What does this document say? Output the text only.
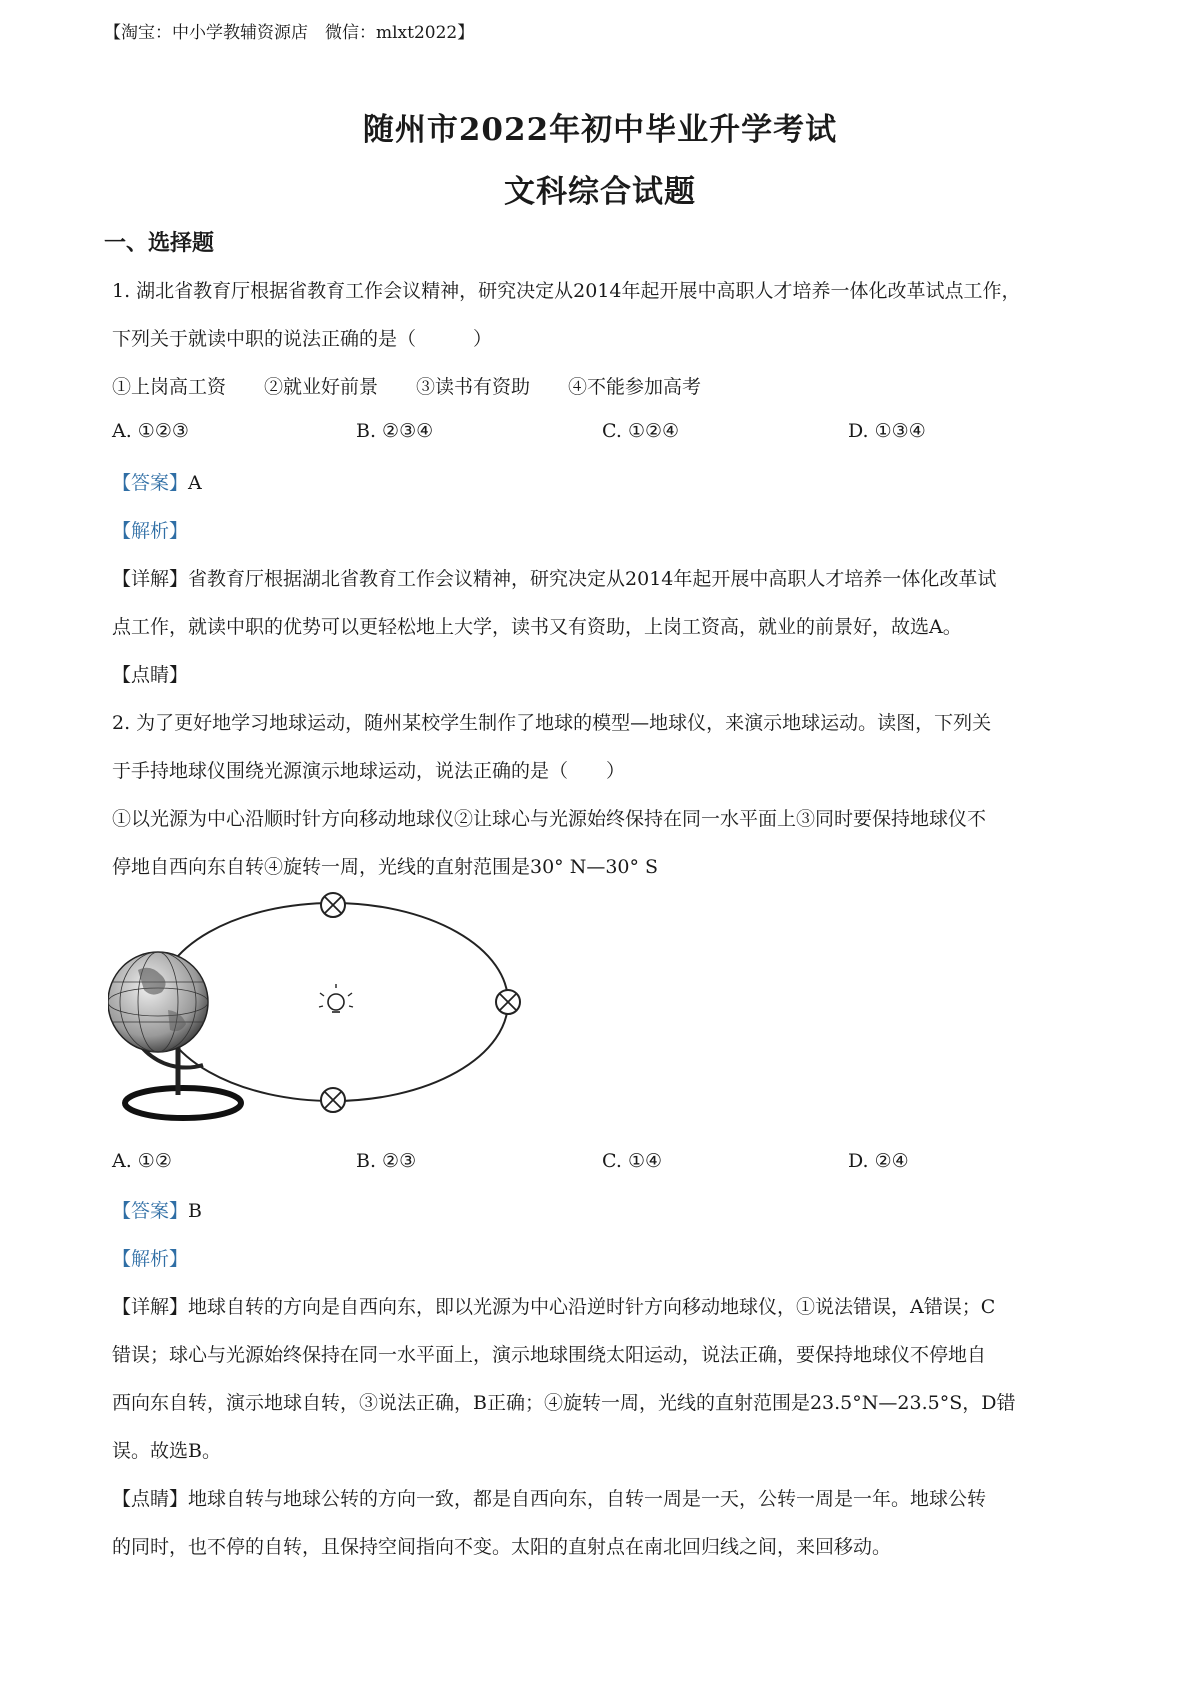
【淘宝：中小学教辅资源店　微信：mlxt2022】
随州市2022年初中毕业升学考试
文科综合试题
一、选择题
1. 湖北省教育厅根据省教育工作会议精神，研究决定从2014年起开展中高职人才培养一体化改革试点工作，
下列关于就读中职的说法正确的是（　　　）
①上岗高工资　　②就业好前景　　③读书有资助　　④不能参加高考
A. ①②③	B. ②③④	C. ①②④	D. ①③④
【答案】A
【解析】
【详解】省教育厅根据湖北省教育工作会议精神，研究决定从2014年起开展中高职人才培养一体化改革试
点工作，就读中职的优势可以更轻松地上大学，读书又有资助，上岗工资高，就业的前景好，故选A。
【点睛】
2. 为了更好地学习地球运动，随州某校学生制作了地球的模型—地球仪，来演示地球运动。读图，下列关
于手持地球仪围绕光源演示地球运动，说法正确的是（　　）
①以光源为中心沿顺时针方向移动地球仪②让球心与光源始终保持在同一水平面上③同时要保持地球仪不
停地自西向东自转④旋转一周，光线的直射范围是30° N—30° S
A. ①②	B. ②③	C. ①④	D. ②④
【答案】B
【解析】
【详解】地球自转的方向是自西向东，即以光源为中心沿逆时针方向移动地球仪，①说法错误，A错误；C
错误；球心与光源始终保持在同一水平面上，演示地球围绕太阳运动，说法正确，要保持地球仪不停地自
西向东自转，演示地球自转，③说法正确，B正确；④旋转一周，光线的直射范围是23.5°N—23.5°S，D错
误。故选B。
【点睛】地球自转与地球公转的方向一致，都是自西向东，自转一周是一天，公转一周是一年。地球公转
的同时，也不停的自转，且保持空间指向不变。太阳的直射点在南北回归线之间，来回移动。
